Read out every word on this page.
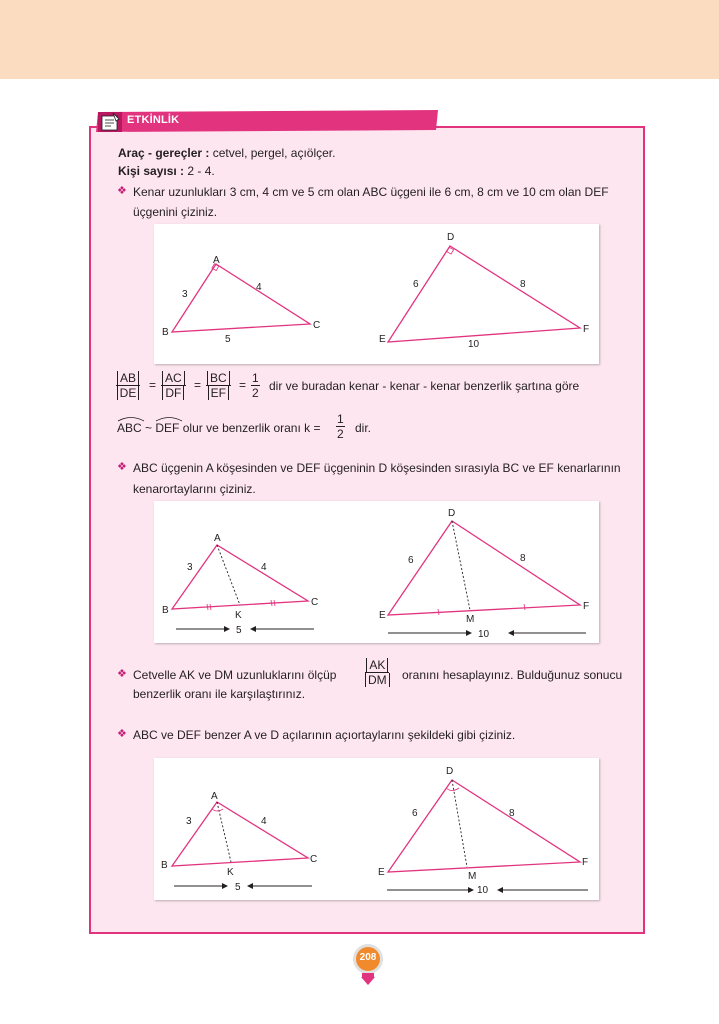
ETKİNLİK
Araç - gereçler : cetvel, pergel, açıölçer.
Kişi sayısı : 2 - 4.
❖ Kenar uzunlukları 3 cm, 4 cm ve 5 cm olan ABC üçgeni ile 6 cm, 8 cm ve 10 cm olan DEF
üçgenini çiziniz.
A
B
C
3
4
5
D
E
F
6	8
10
$\frac{AB}{DE} = \frac{AC}{DF} = \frac{BC}{EF} = \frac{1}{2}$ dir ve buradan kenar - kenar - kenar benzerlik şartına göre
ABC ~ DEF olur ve benzerlik oranı $k = \frac{1}{2}$ dir.
❖ ABC üçgenin A köşesinden ve DEF üçgeninin D köşesinden sırasıyla BC ve EF kenarlarının
kenarortaylarını çiziniz.
A
B
C
K
3	4
5
D
E
F
M
6	8
10
❖ Cetvelle AK ve DM uzunluklarını ölçüp $\frac{AK}{DM}$ oranını hesaplayınız. Bulduğunuz sonucu
benzerlik oranı ile karşılaştırınız.
❖ ABC ve DEF benzer A ve D açılarının açıortaylarını şekildeki gibi çiziniz.
A
B
C
K
3	4
5
D
E
F
M
6	8
10
208
